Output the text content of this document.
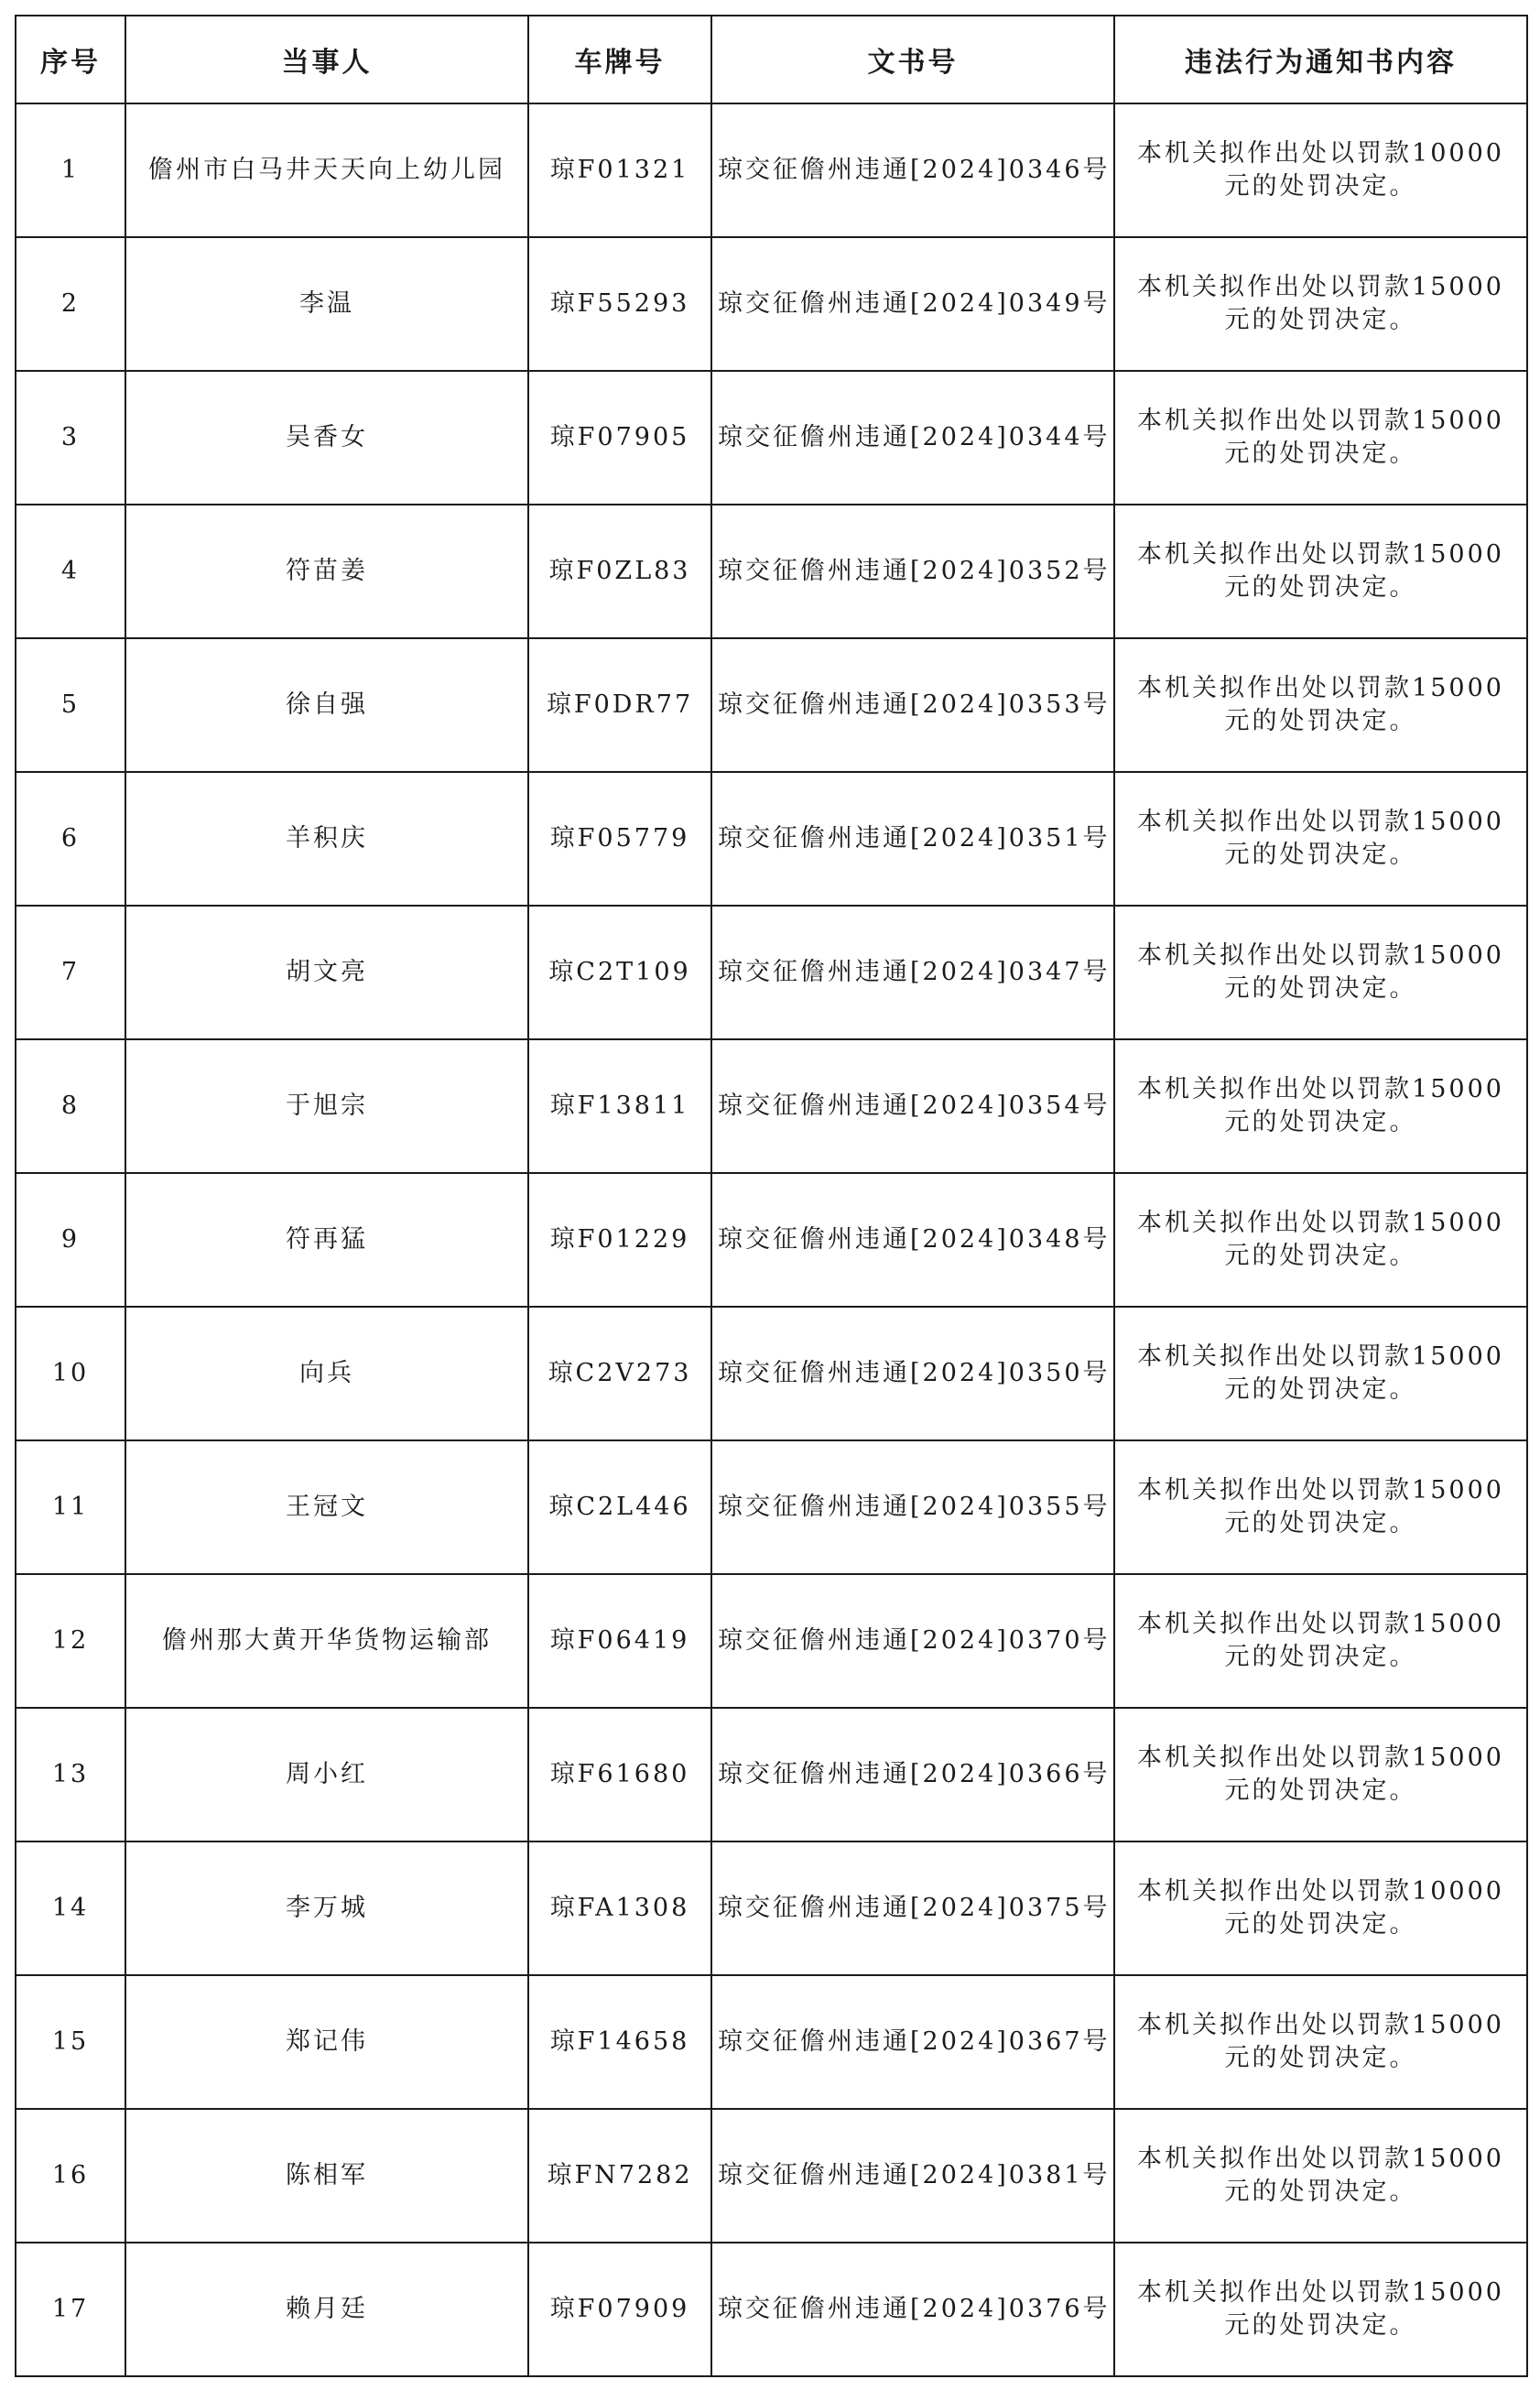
序号	当事人	车牌号	文书号	违法行为通知书内容
1	儋州市白马井天天向上幼儿园	琼F01321	琼交征儋州违通[2024]0346号	本机关拟作出处以罚款10000
元的处罚决定。

2	李温	琼F55293	琼交征儋州违通[2024]0349号	本机关拟作出处以罚款15000
元的处罚决定。

3	吴香女	琼F07905	琼交征儋州违通[2024]0344号	本机关拟作出处以罚款15000
元的处罚决定。

4	符苗姜	琼F0ZL83	琼交征儋州违通[2024]0352号	本机关拟作出处以罚款15000
元的处罚决定。

5	徐自强	琼F0DR77	琼交征儋州违通[2024]0353号	本机关拟作出处以罚款15000
元的处罚决定。

6	羊积庆	琼F05779	琼交征儋州违通[2024]0351号	本机关拟作出处以罚款15000
元的处罚决定。

7	胡文亮	琼C2T109	琼交征儋州违通[2024]0347号	本机关拟作出处以罚款15000
元的处罚决定。

8	于旭宗	琼F13811	琼交征儋州违通[2024]0354号	本机关拟作出处以罚款15000
元的处罚决定。

9	符再猛	琼F01229	琼交征儋州违通[2024]0348号	本机关拟作出处以罚款15000
元的处罚决定。

10	向兵	琼C2V273	琼交征儋州违通[2024]0350号	本机关拟作出处以罚款15000
元的处罚决定。

11	王冠文	琼C2L446	琼交征儋州违通[2024]0355号	本机关拟作出处以罚款15000
元的处罚决定。

12	儋州那大黄开华货物运输部	琼F06419	琼交征儋州违通[2024]0370号	本机关拟作出处以罚款15000
元的处罚决定。

13	周小红	琼F61680	琼交征儋州违通[2024]0366号	本机关拟作出处以罚款15000
元的处罚决定。

14	李万城	琼FA1308	琼交征儋州违通[2024]0375号	本机关拟作出处以罚款10000
元的处罚决定。

15	郑记伟	琼F14658	琼交征儋州违通[2024]0367号	本机关拟作出处以罚款15000
元的处罚决定。

16	陈相军	琼FN7282	琼交征儋州违通[2024]0381号	本机关拟作出处以罚款15000
元的处罚决定。

17	赖月廷	琼F07909	琼交征儋州违通[2024]0376号	本机关拟作出处以罚款15000
元的处罚决定。
